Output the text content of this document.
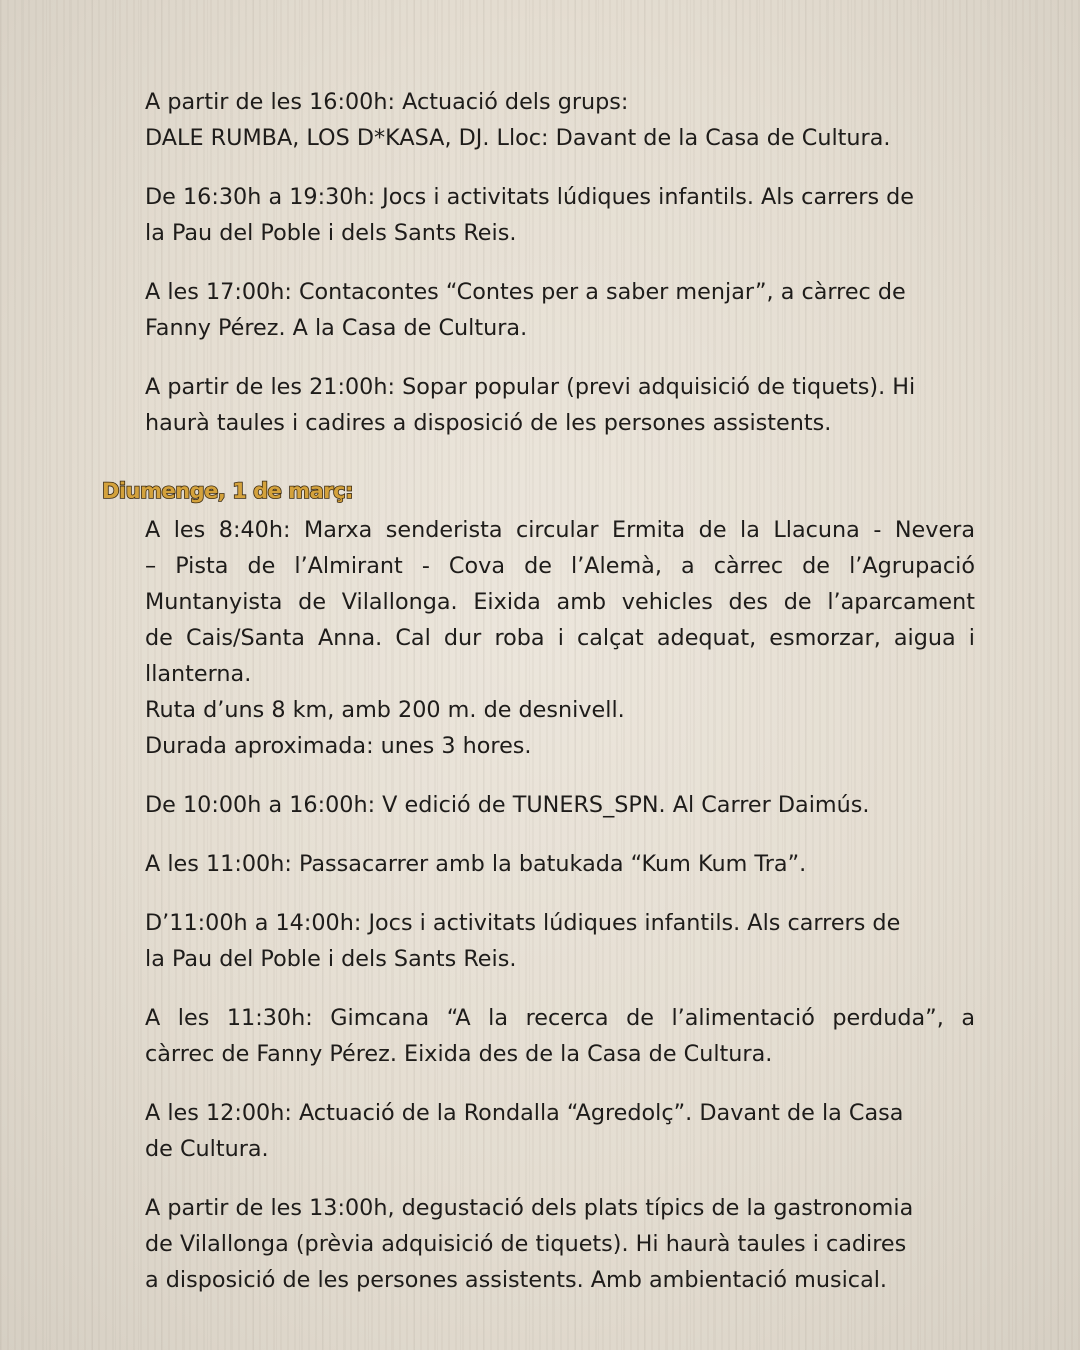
A partir de les 16:00h: Actuació dels grups:
DALE RUMBA, LOS D*KASA, DJ. Lloc: Davant de la Casa de Cultura.

De 16:30h a 19:30h: Jocs i activitats lúdiques infantils. Als carrers de
la Pau del Poble i dels Sants Reis.

A les 17:00h: Contacontes “Contes per a saber menjar”, a càrrec de
Fanny Pérez. A la Casa de Cultura.

A partir de les 21:00h: Sopar popular (previ adquisició de tiquets). Hi
haurà taules i cadires a disposició de les persones assistents.

Diumenge, 1 de març:

A les 8:40h: Marxa senderista circular Ermita de la Llacuna - Nevera
– Pista de l’Almirant - Cova de l’Alemà, a càrrec de l’Agrupació
Muntanyista de Vilallonga. Eixida amb vehicles des de l’aparcament
de Cais/Santa Anna. Cal dur roba i calçat adequat, esmorzar, aigua i
llanterna.
Ruta d’uns 8 km, amb 200 m. de desnivell.
Durada aproximada: unes 3 hores.

De 10:00h a 16:00h: V edició de TUNERS_SPN. Al Carrer Daimús.

A les 11:00h: Passacarrer amb la batukada “Kum Kum Tra”.

D’11:00h a 14:00h: Jocs i activitats lúdiques infantils. Als carrers de
la Pau del Poble i dels Sants Reis.

A les 11:30h: Gimcana “A la recerca de l’alimentació perduda”, a
càrrec de Fanny Pérez. Eixida des de la Casa de Cultura.

A les 12:00h: Actuació de la Rondalla “Agredolç”. Davant de la Casa
de Cultura.

A partir de les 13:00h, degustació dels plats típics de la gastronomia
de Vilallonga (prèvia adquisició de tiquets). Hi haurà taules i cadires
a disposició de les persones assistents. Amb ambientació musical.
